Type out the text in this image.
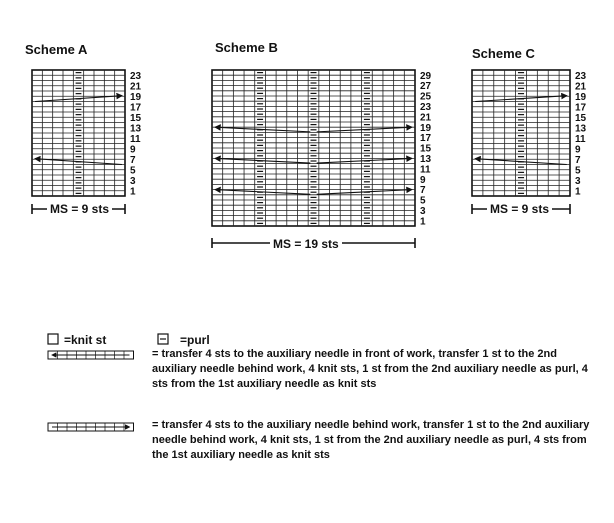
Scheme A	Scheme B	Scheme C
23
21
19
17
15
13
11
9
7
5
3
1
29
27
25
23
21
19
17
15
13
11
9
7
5
3
1
23
21
19
17
15
13
11
9
7
5
3
1
MS = 9 sts
MS = 19 sts
MS = 9 sts
=knit st	=purl
= transfer 4 sts to the auxiliary needle in front of work, transfer 1 st to the 2nd auxiliary needle behind work, 4 knit sts, 1 st from the 2nd auxiliary needle as purl, 4 sts from the 1st auxiliary needle as knit sts
= transfer 4 sts to the auxiliary needle behind work, transfer 1 st to the 2nd auxiliary needle behind work, 4 knit sts, 1 st from the 2nd auxiliary needle as purl, 4 sts from the 1st auxiliary needle as knit sts
